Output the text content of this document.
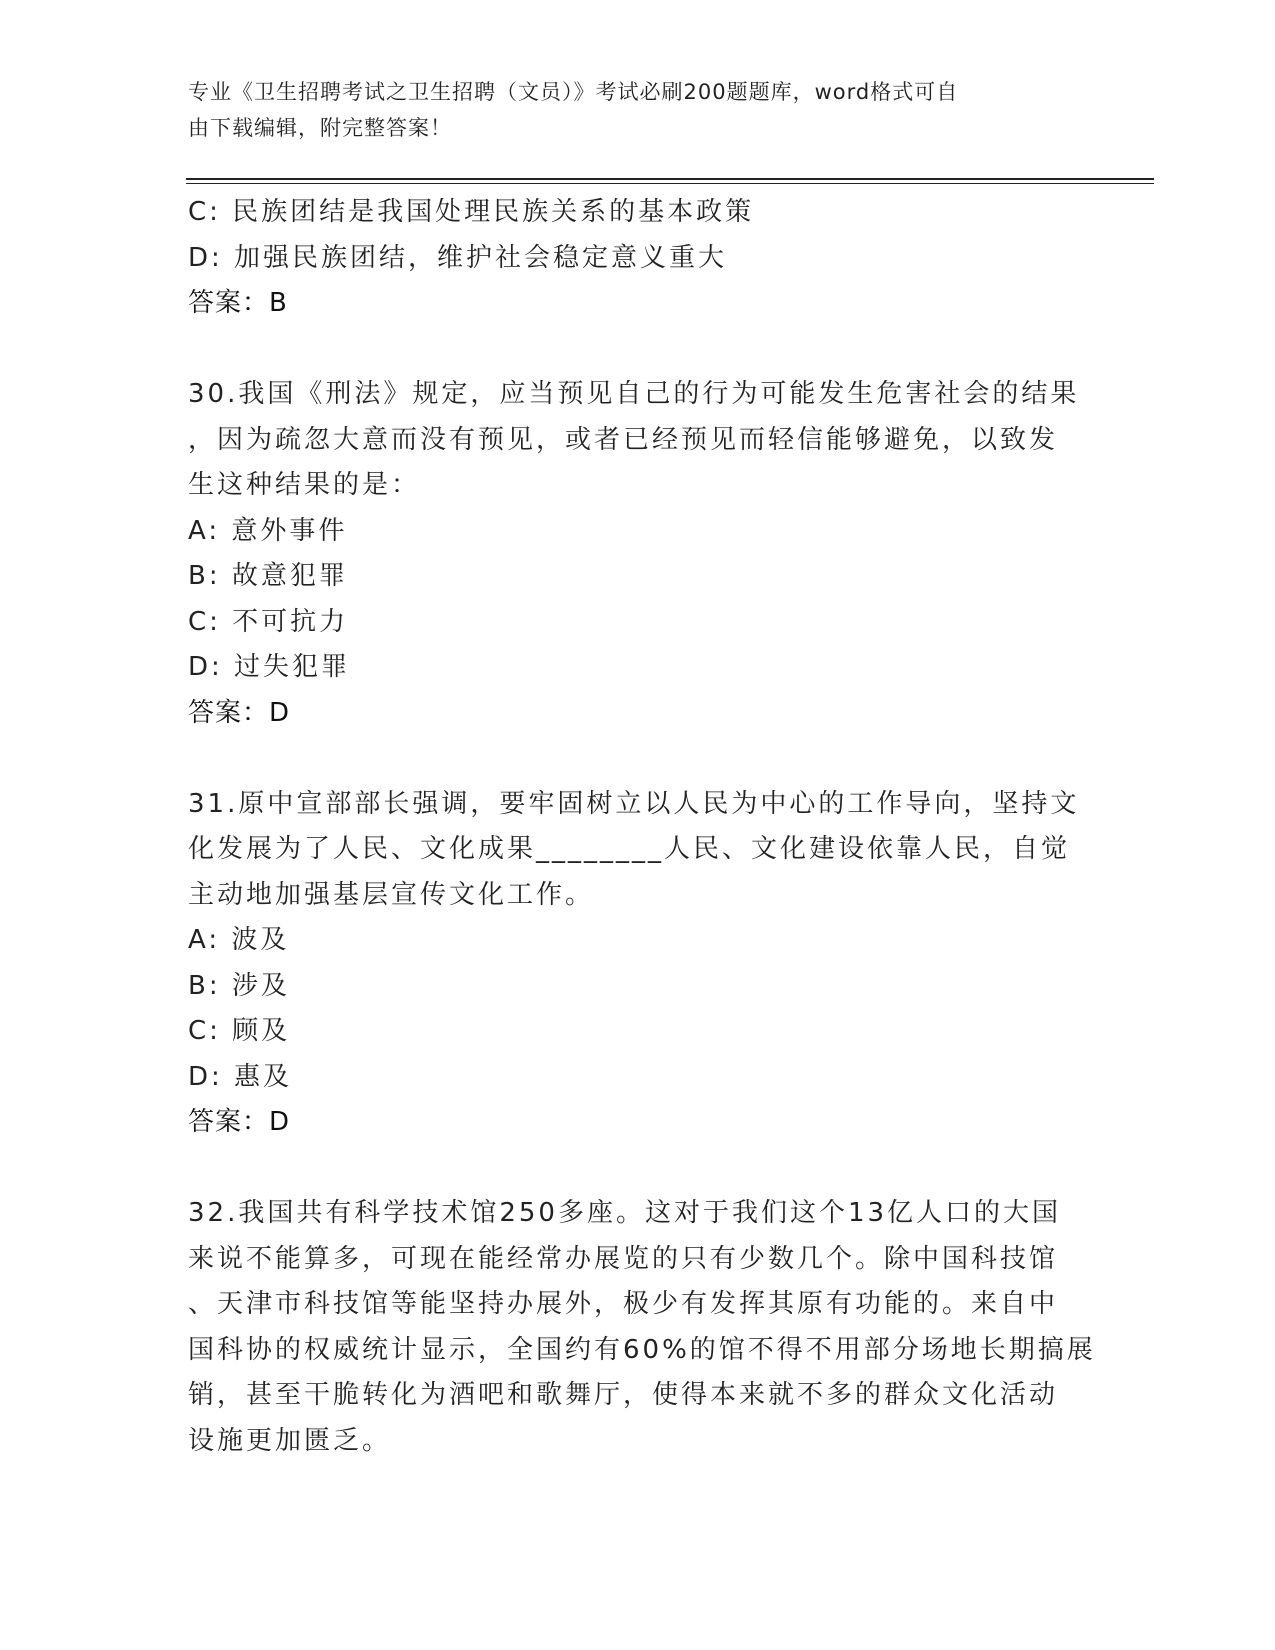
专业《卫生招聘考试之卫生招聘（文员）》考试必刷200题题库，word格式可自
由下载编辑，附完整答案！
C: 民族团结是我国处理民族关系的基本政策
D: 加强民族团结，维护社会稳定意义重大
答案：B
30.我国《刑法》规定，应当预见自己的行为可能发生危害社会的结果
，因为疏忽大意而没有预见，或者已经预见而轻信能够避免，以致发
生这种结果的是：
A: 意外事件
B: 故意犯罪
C: 不可抗力
D: 过失犯罪
答案：D
31.原中宣部部长强调，要牢固树立以人民为中心的工作导向，坚持文
化发展为了人民、文化成果________人民、文化建设依靠人民，自觉
主动地加强基层宣传文化工作。
A: 波及
B: 涉及
C: 顾及
D: 惠及
答案：D
32.我国共有科学技术馆250多座。这对于我们这个13亿人口的大国
来说不能算多，可现在能经常办展览的只有少数几个。除中国科技馆
、天津市科技馆等能坚持办展外，极少有发挥其原有功能的。来自中
国科协的权威统计显示，全国约有60%的馆不得不用部分场地长期搞展
销，甚至干脆转化为酒吧和歌舞厅，使得本来就不多的群众文化活动
设施更加匮乏。
